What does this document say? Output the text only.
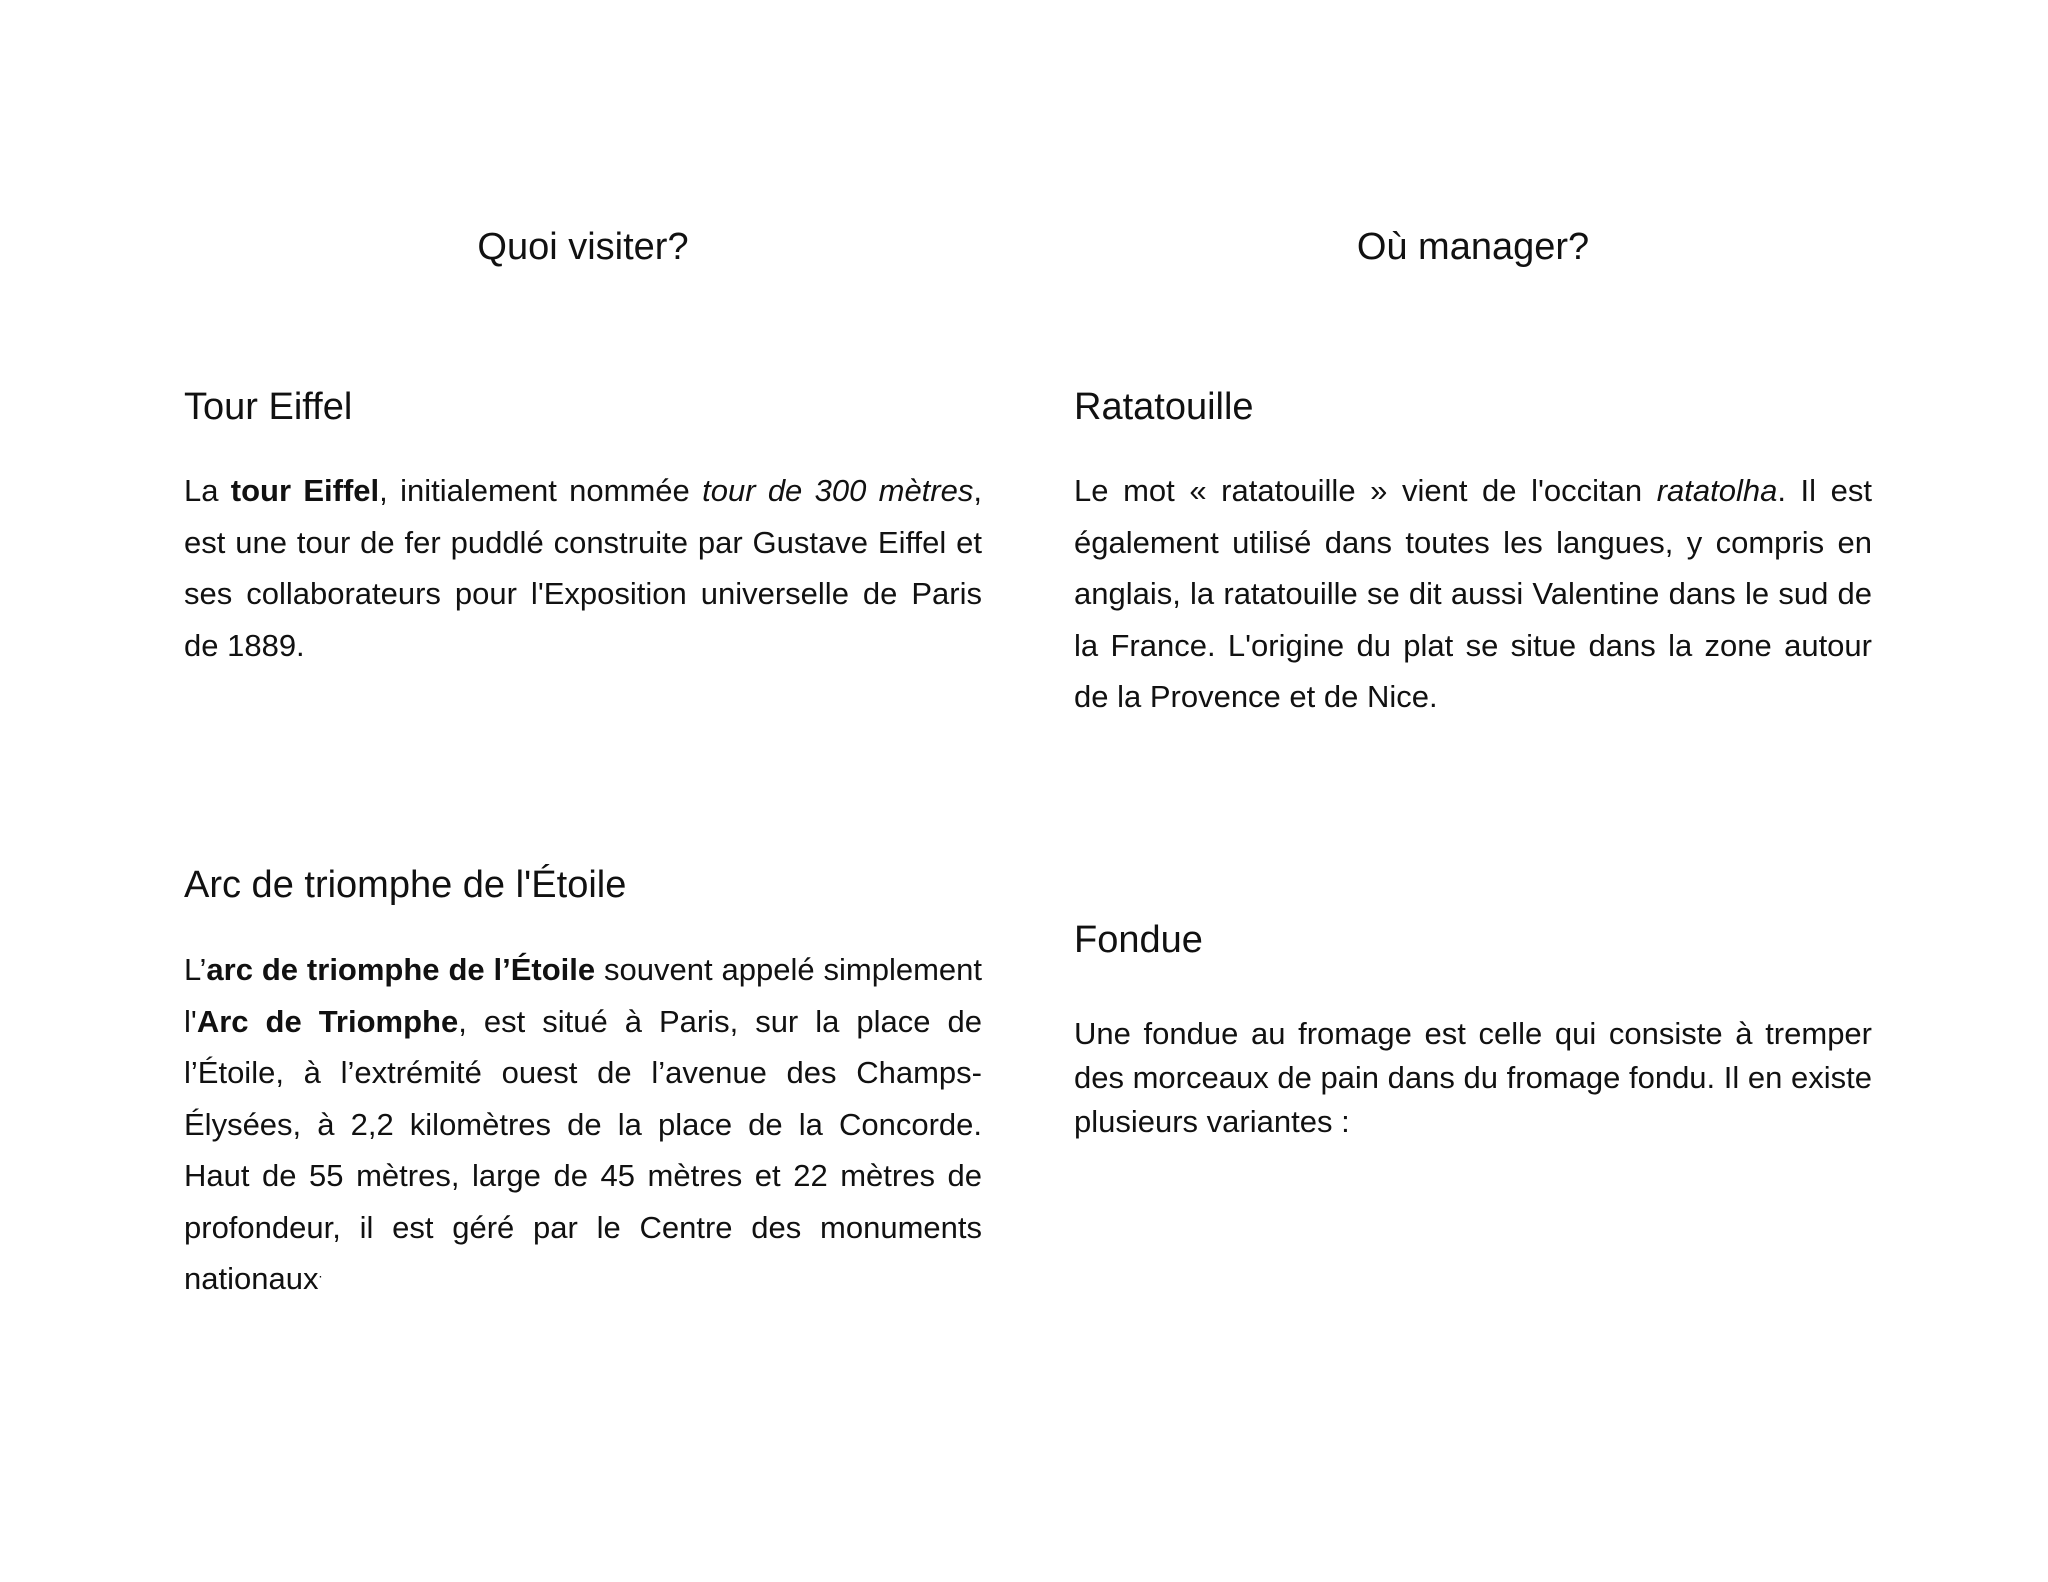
Quoi visiter?	Où manager?
Tour Eiffel

La tour Eiffel, initialement nommée tour de 300 mètres, est une tour de fer puddlé construite par Gustave Eiffel et ses collaborateurs pour l'Exposition universelle de Paris de 1889.

Arc de triomphe de l'Étoile

L’arc de triomphe de l’Étoile souvent appelé simplement l'Arc de Triomphe, est situé à Paris, sur la place de l’Étoile, à l’extrémité ouest de l’avenue des Champs-Élysées, à 2,2 kilomètres de la place de la Concorde. Haut de 55 mètres, large de 45 mètres et 22 mètres de profondeur, il est géré par le Centre des monuments nationaux.

Ratatouille

Le mot « ratatouille » vient de l'occitan ratatolha. Il est également utilisé dans toutes les langues, y compris en anglais, la ratatouille se dit aussi Valentine dans le sud de la France. L'origine du plat se situe dans la zone autour de la Provence et de Nice.

Fondue

Une fondue au fromage est celle qui consiste à tremper des morceaux de pain dans du fromage fondu. Il en existe plusieurs variantes :
